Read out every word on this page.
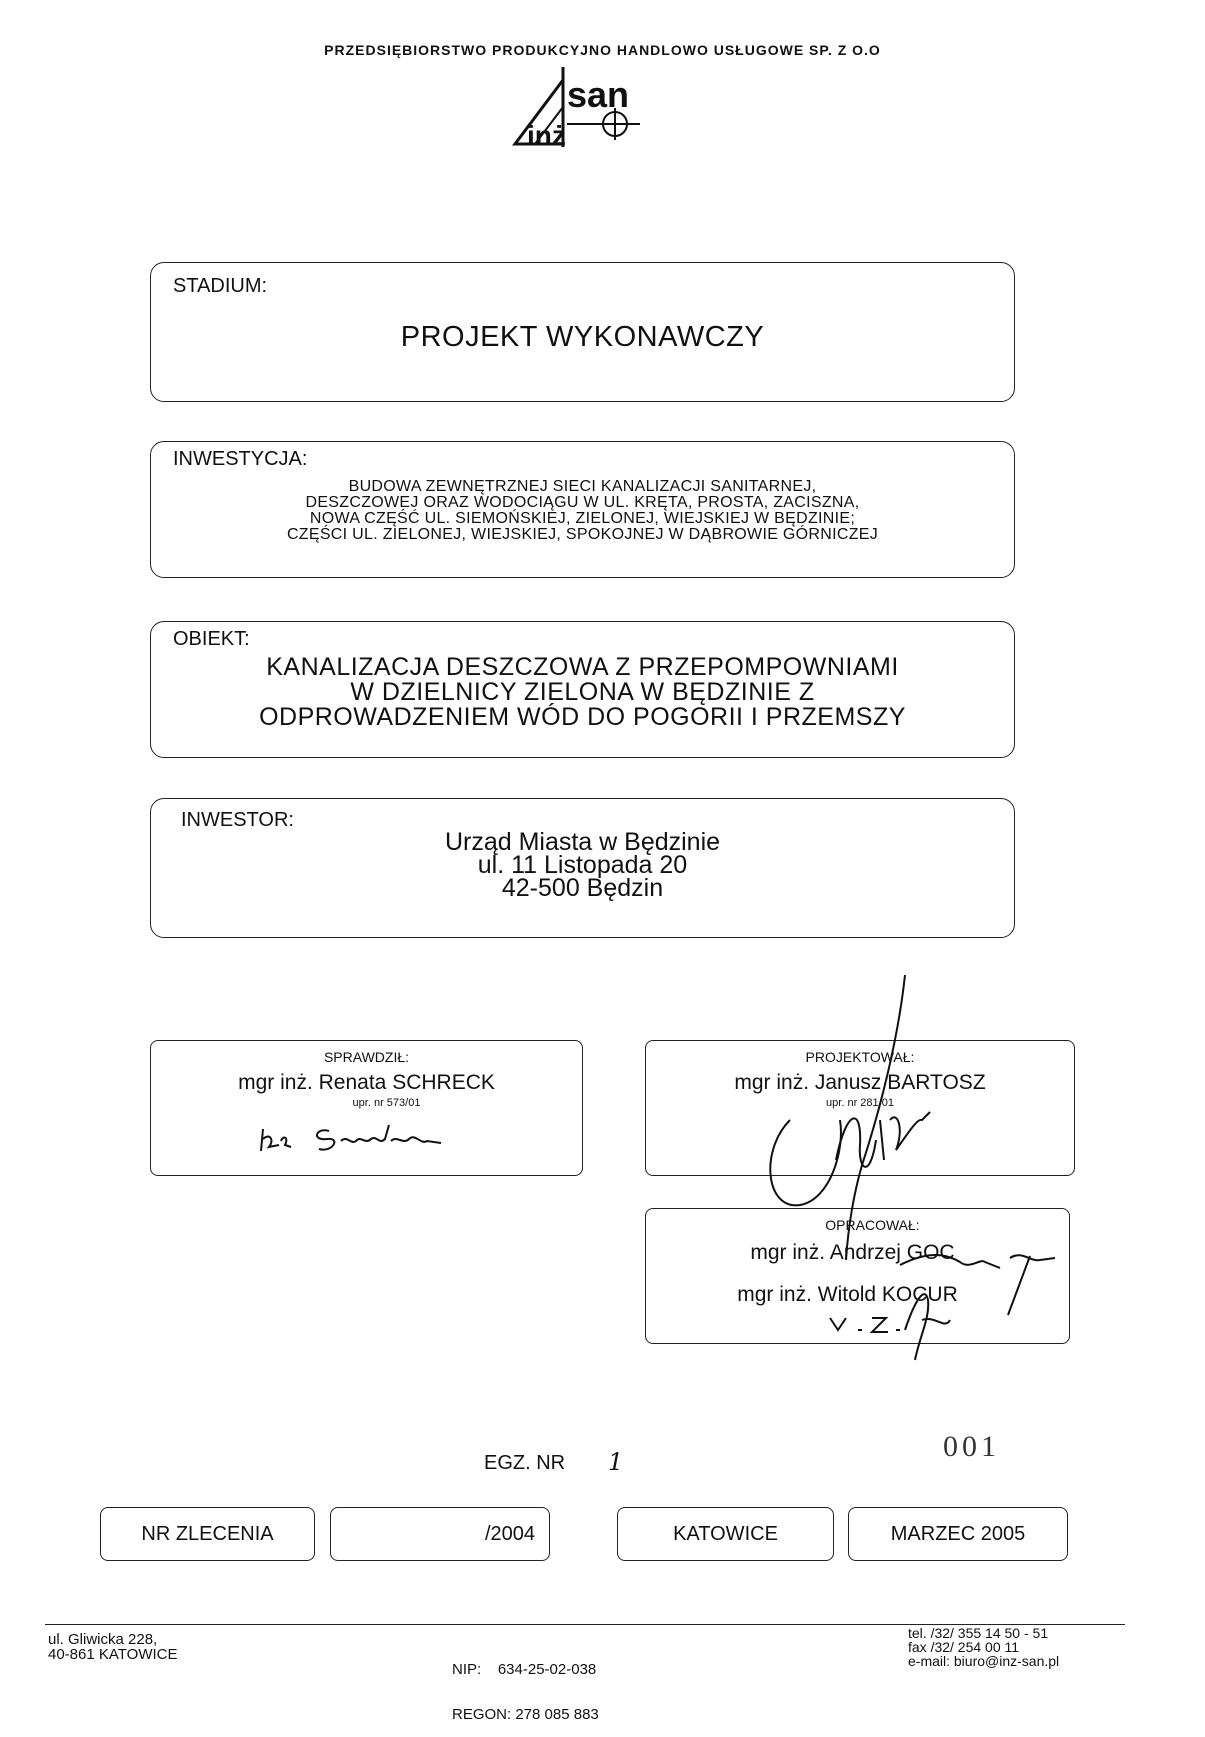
PRZEDSIĘBIORSTWO PRODUKCYJNO HANDLOWO USŁUGOWE SP. Z O.O
san
inż
STADIUM:
PROJEKT WYKONAWCZY
INWESTYCJA:
BUDOWA ZEWNĘTRZNEJ SIECI KANALIZACJI SANITARNEJ,
DESZCZOWEJ ORAZ WODOCIĄGU W UL. KRĘTA, PROSTA, ZACISZNA,
NOWA CZĘŚĆ UL. SIEMOŃSKIEJ, ZIELONEJ, WIEJSKIEJ W BĘDZINIE;
CZĘŚCI UL. ZIELONEJ, WIEJSKIEJ, SPOKOJNEJ W DĄBROWIE GÓRNICZEJ
OBIEKT:
KANALIZACJA DESZCZOWA Z PRZEPOMPOWNIAMI
W DZIELNICY ZIELONA W BĘDZINIE Z
ODPROWADZENIEM WÓD DO POGORII I PRZEMSZY
INWESTOR:
Urząd Miasta w Będzinie
ul. 11 Listopada 20
42-500 Będzin
SPRAWDZIŁ:
mgr inż. Renata SCHRECK
upr. nr 573/01
PROJEKTOWAŁ:
mgr inż. Janusz BARTOSZ
upr. nr 281/01
OPRACOWAŁ:
mgr inż. Andrzej GOC
mgr inż. Witold KOCUR
EGZ. NR 1	001
NR ZLECENIA	/2004	KATOWICE	MARZEC 2005
ul. Gliwicka 228,
40-861 KATOWICE

NIP:    634-25-02-038

REGON: 278 085 883

tel. /32/ 355 14 50 - 51
fax /32/ 254 00 11
e-mail: biuro@inz-san.pl
